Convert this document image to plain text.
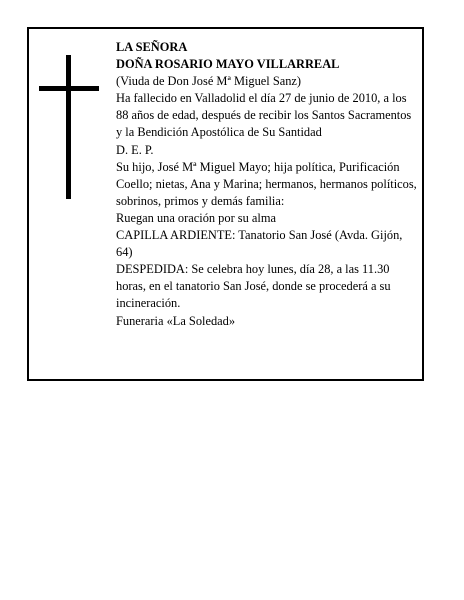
LA SEÑORA

DOÑA ROSARIO MAYO VILLARREAL

(Viuda de Don José Mª Miguel Sanz)

Ha fallecido en Valladolid el día 27 de junio de 2010, a los 88 años de edad, después de recibir los Santos Sacramentos y la Bendición Apostólica de Su Santidad

D. E. P.

Su hijo, José Mª Miguel Mayo; hija política, Purificación Coello; nietas, Ana y Marina; hermanos, hermanos políticos, sobrinos, primos y demás familia:

Ruegan una oración por su alma

CAPILLA ARDIENTE: Tanatorio San José (Avda. Gijón, 64)

DESPEDIDA: Se celebra hoy lunes, día 28, a las 11.30 horas, en el tanatorio San José, donde se procederá a su incineración.

Funeraria «La Soledad»
